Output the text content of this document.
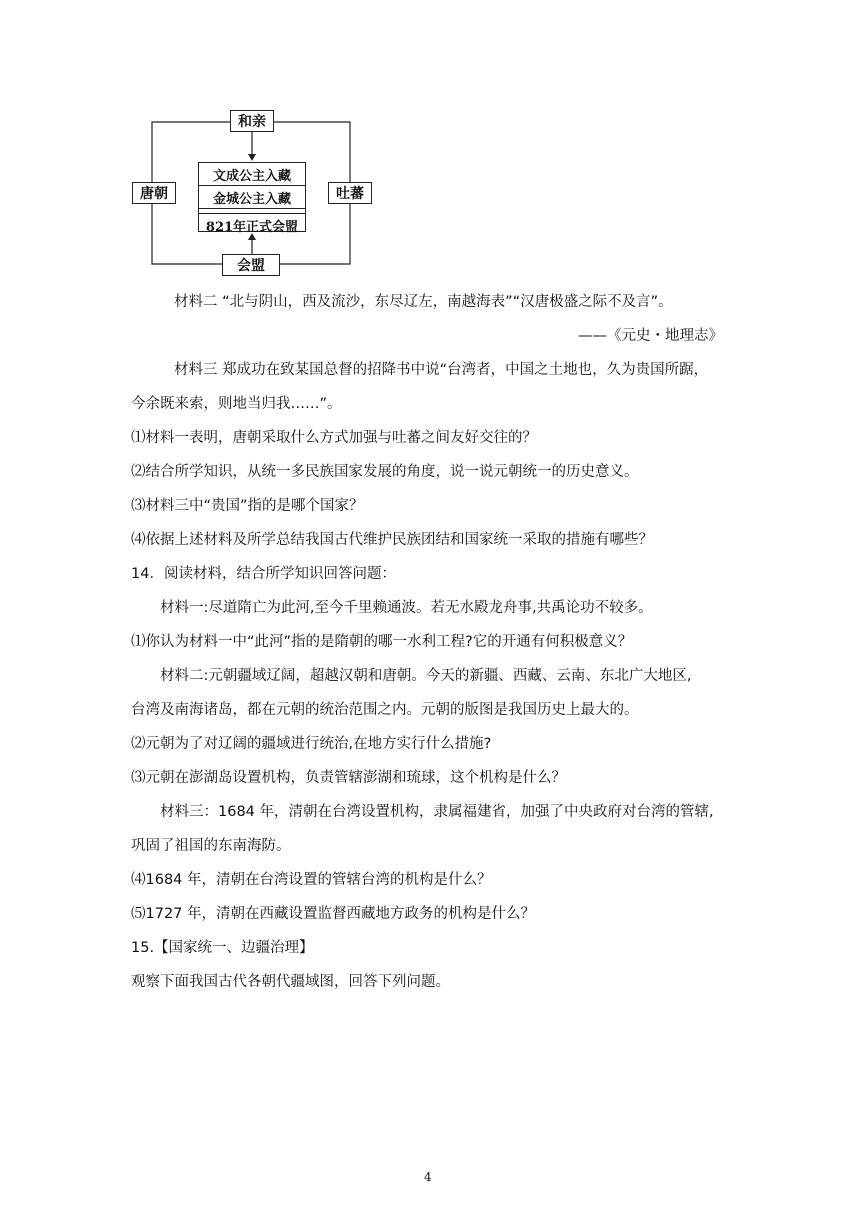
和亲
唐朝	吐蕃
会盟
文成公主入藏
金城公主入藏
821年正式会盟
材料二 “北与阴山，西及流沙，东尽辽左，南越海表”“汉唐极盛之际不及言”。
——《元史・地理志》
材料三 郑成功在致某国总督的招降书中说“台湾者，中国之土地也，久为贵国所踞，
今余既来索，则地当归我……”。
⑴材料一表明，唐朝采取什么方式加强与吐蕃之间友好交往的？
⑵结合所学知识，从统一多民族国家发展的角度，说一说元朝统一的历史意义。
⑶材料三中“贵国”指的是哪个国家？
⑷依据上述材料及所学总结我国古代维护民族团结和国家统一采取的措施有哪些？
14．阅读材料，结合所学知识回答问题：
材料一:尽道隋亡为此河,至今千里赖通波。若无水殿龙舟事,共禹论功不较多。
⑴你认为材料一中“此河”指的是隋朝的哪一水利工程?它的开通有何积极意义？
材料二:元朝疆域辽阔，超越汉朝和唐朝。今天的新疆、西藏、云南、东北广大地区,
台湾及南海诸岛，都在元朝的统治范围之内。元朝的版图是我国历史上最大的。
⑵元朝为了对辽阔的疆域进行统治,在地方实行什么措施?
⑶元朝在澎湖岛设置机构，负责管辖澎湖和琉球，这个机构是什么？
材料三：1684 年，清朝在台湾设置机构，隶属福建省，加强了中央政府对台湾的管辖,
巩固了祖国的东南海防。
⑷1684 年，清朝在台湾设置的管辖台湾的机构是什么？
⑸1727 年，清朝在西藏设置监督西藏地方政务的机构是什么？
15.【国家统一、边疆治理】
观察下面我国古代各朝代疆域图，回答下列问题。
4
